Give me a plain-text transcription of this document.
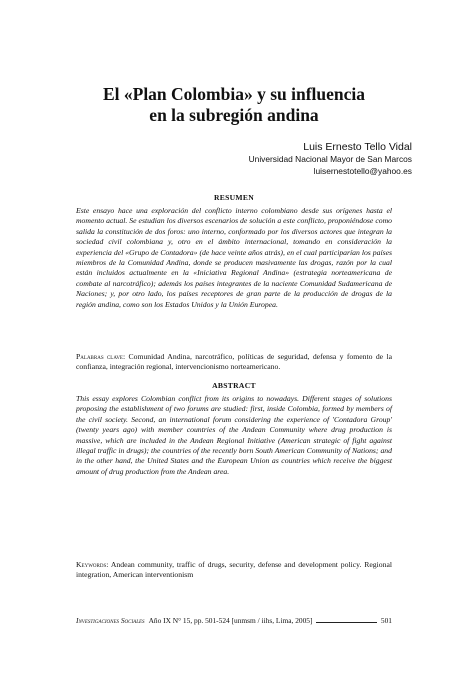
El «Plan Colombia» y su influencia
en la subregión andina
Luis Ernesto Tello Vidal
Universidad Nacional Mayor de San Marcos
luisernestotello@yahoo.es
RESUMEN

Este ensayo hace una exploración del conflicto interno colombiano desde sus orígenes hasta el momento actual. Se estudian los diversos escenarios de solución a este conflicto, proponiéndose como salida la constitución de dos foros: uno interno, conformado por los diversos actores que integran la sociedad civil colombiana y, otro en el ámbito internacional, tomando en consideración la experiencia del «Grupo de Contadora» (de hace veinte años atrás), en el cual participarían los países miembros de la Comunidad Andina, donde se producen masivamente las drogas, razón por la cual están incluidos actualmente en la «Iniciativa Regional Andina» (estrategia norteamericana de combate al narcotráfico); además los países integrantes de la naciente Comunidad Sudamericana de Naciones; y, por otro lado, los países receptores de gran parte de la producción de drogas de la región andina, como son los Estados Unidos y la Unión Europea.

Palabras clave: Comunidad Andina, narcotráfico, políticas de seguridad, defensa y fomento de la confianza, integración regional, intervencionismo norteamericano.

ABSTRACT

This essay explores Colombian conflict from its origins to nowadays. Different stages of solutions proposing the establishment of two forums are studied: first, inside Colombia, formed by members of the civil society. Second, an international forum considering the experience of 'Contadora Group' (twenty years ago) with member countries of the Andean Community where drug production is massive, which are included in the Andean Regional Initiative (American strategic of fight against illegal traffic in drugs); the countries of the recently born South American Community of Nations; and in the other hand, the United States and the European Union as countries which receive the biggest amount of drug production from the Andean area.

Keywords: Andean community, traffic of drugs, security, defense and development policy. Regional integration, American interventionism

Investigaciones Sociales Año IX N° 15, pp. 501-524 [unmsm / iihs, Lima, 2005]	501
